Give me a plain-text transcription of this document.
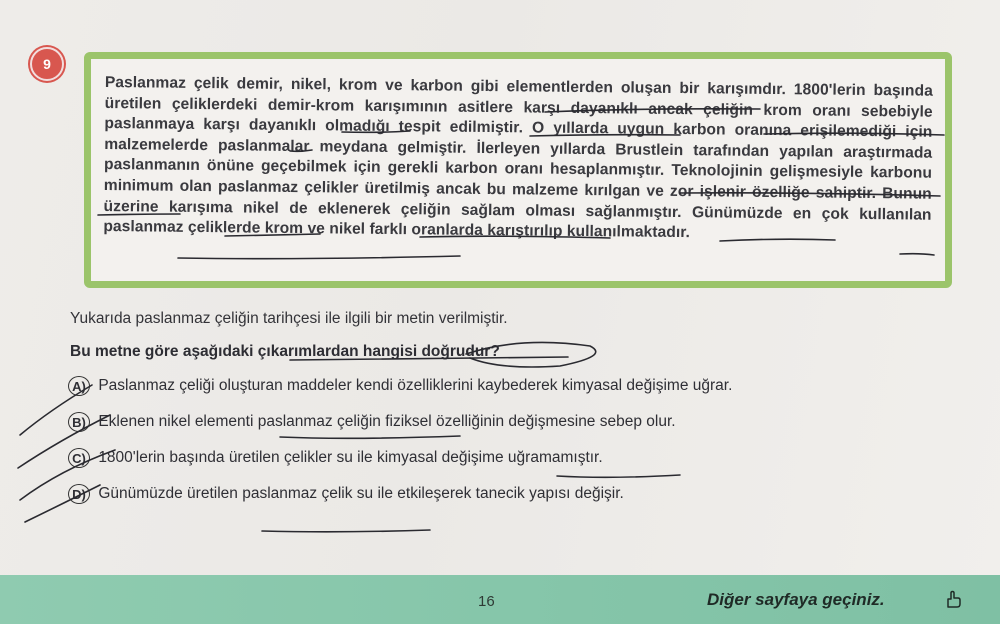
9

Paslanmaz çelik demir, nikel, krom ve karbon gibi elementlerden oluşan bir karışımdır. 1800'lerin başında üretilen çeliklerdeki demir-krom karışımının asitlere karşı dayanıklı ancak çeliğin krom oranı sebebiyle paslanmaya karşı dayanıklı olmadığı tespit edilmiştir. O yıllarda uygun karbon oranına erişilemediği için malzemelerde paslanmalar meydana gelmiştir. İlerleyen yıllarda Brustlein tarafından yapılan araştırmada paslanmanın önüne geçebilmek için gerekli karbon oranı hesaplanmıştır. Teknolojinin gelişmesiyle karbonu minimum olan paslanmaz çelikler üretilmiş ancak bu malzeme kırılgan ve zor işlenir özelliğe sahiptir. Bunun üzerine karışıma nikel de eklenerek çeliğin sağlam olması sağlanmıştır. Günümüzde en çok kullanılan paslanmaz çeliklerde krom ve nikel farklı oranlarda karıştırılıp kullanılmaktadır.

Yukarıda paslanmaz çeliğin tarihçesi ile ilgili bir metin verilmiştir.

Bu metne göre aşağıdaki çıkarımlardan hangisi doğrudur?

A) Paslanmaz çeliği oluşturan maddeler kendi özelliklerini kaybederek kimyasal değişime uğrar.
B) Eklenen nikel elementi paslanmaz çeliğin fiziksel özelliğinin değişmesine sebep olur.
C) 1800'lerin başında üretilen çelikler su ile kimyasal değişime uğramamıştır.
D) Günümüzde üretilen paslanmaz çelik su ile etkileşerek tanecik yapısı değişir.
16	Diğer sayfaya geçiniz.
